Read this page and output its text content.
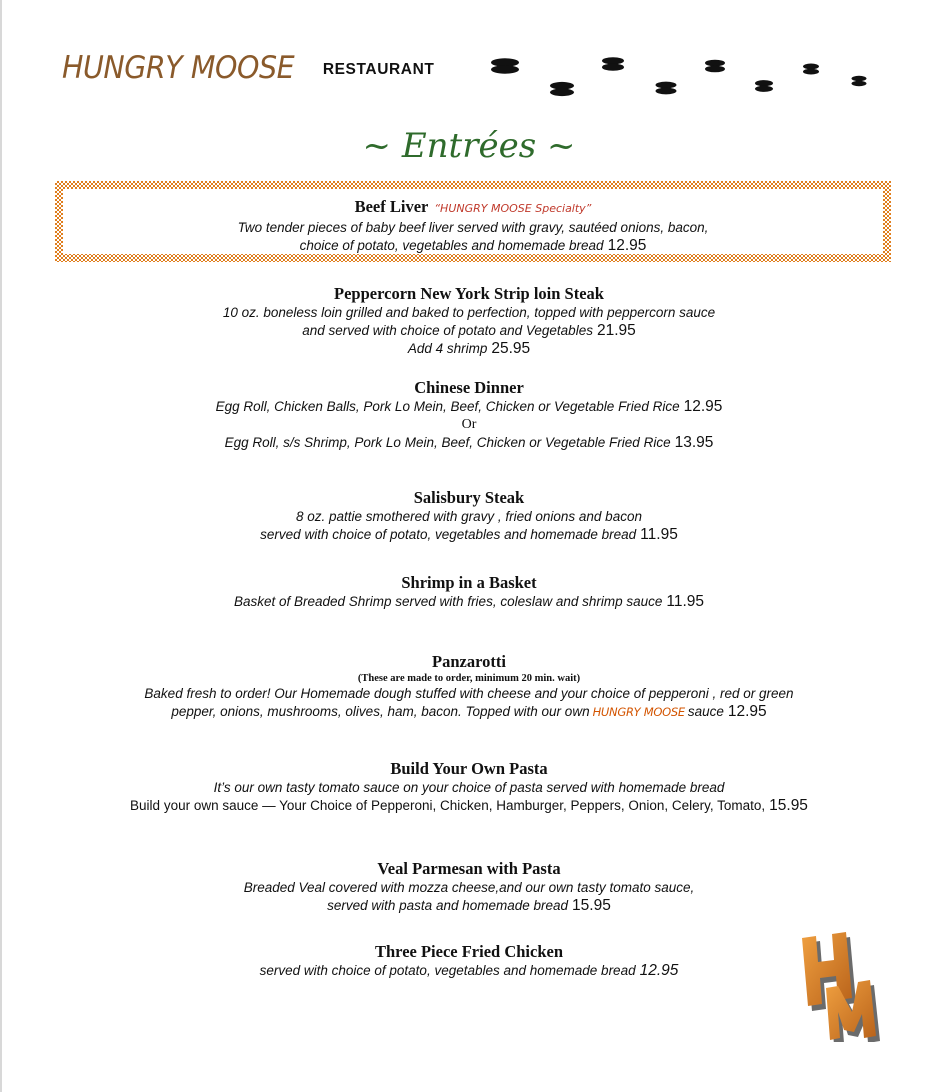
HUNGRY MOOSE RESTAURANT
~ Entrées ~
Beef Liver “HUNGRY MOOSE Specialty”
Two tender pieces of baby beef liver served with gravy, sautéed onions, bacon,
choice of potato, vegetables and homemade bread 12.95
Peppercorn New York Strip loin Steak
10 oz. boneless loin grilled and baked to perfection, topped with peppercorn sauce
and served with choice of potato and Vegetables 21.95
Add 4 shrimp 25.95
Chinese Dinner
Egg Roll, Chicken Balls, Pork Lo Mein, Beef, Chicken or Vegetable Fried Rice 12.95
Or
Egg Roll, s/s Shrimp, Pork Lo Mein, Beef, Chicken or Vegetable Fried Rice 13.95
Salisbury Steak
8 oz. pattie smothered with gravy , fried onions and bacon
served with choice of potato, vegetables and homemade bread 11.95
Shrimp in a Basket
Basket of Breaded Shrimp served with fries, coleslaw and shrimp sauce 11.95
Panzarotti
(These are made to order, minimum 20 min. wait)
Baked fresh to order! Our Homemade dough stuffed with cheese and your choice of pepperoni , red or green
pepper, onions, mushrooms, olives, ham, bacon. Topped with our own HUNGRY MOOSE sauce 12.95
Build Your Own Pasta
It’s our own tasty tomato sauce on your choice of pasta served with homemade bread
Build your own sauce — Your Choice of Pepperoni, Chicken, Hamburger, Peppers, Onion, Celery, Tomato, 15.95
Veal Parmesan with Pasta
Breaded Veal covered with mozza cheese,and our own tasty tomato sauce,
served with pasta and homemade bread 15.95
Three Piece Fried Chicken
served with choice of potato, vegetables and homemade bread 12.95
